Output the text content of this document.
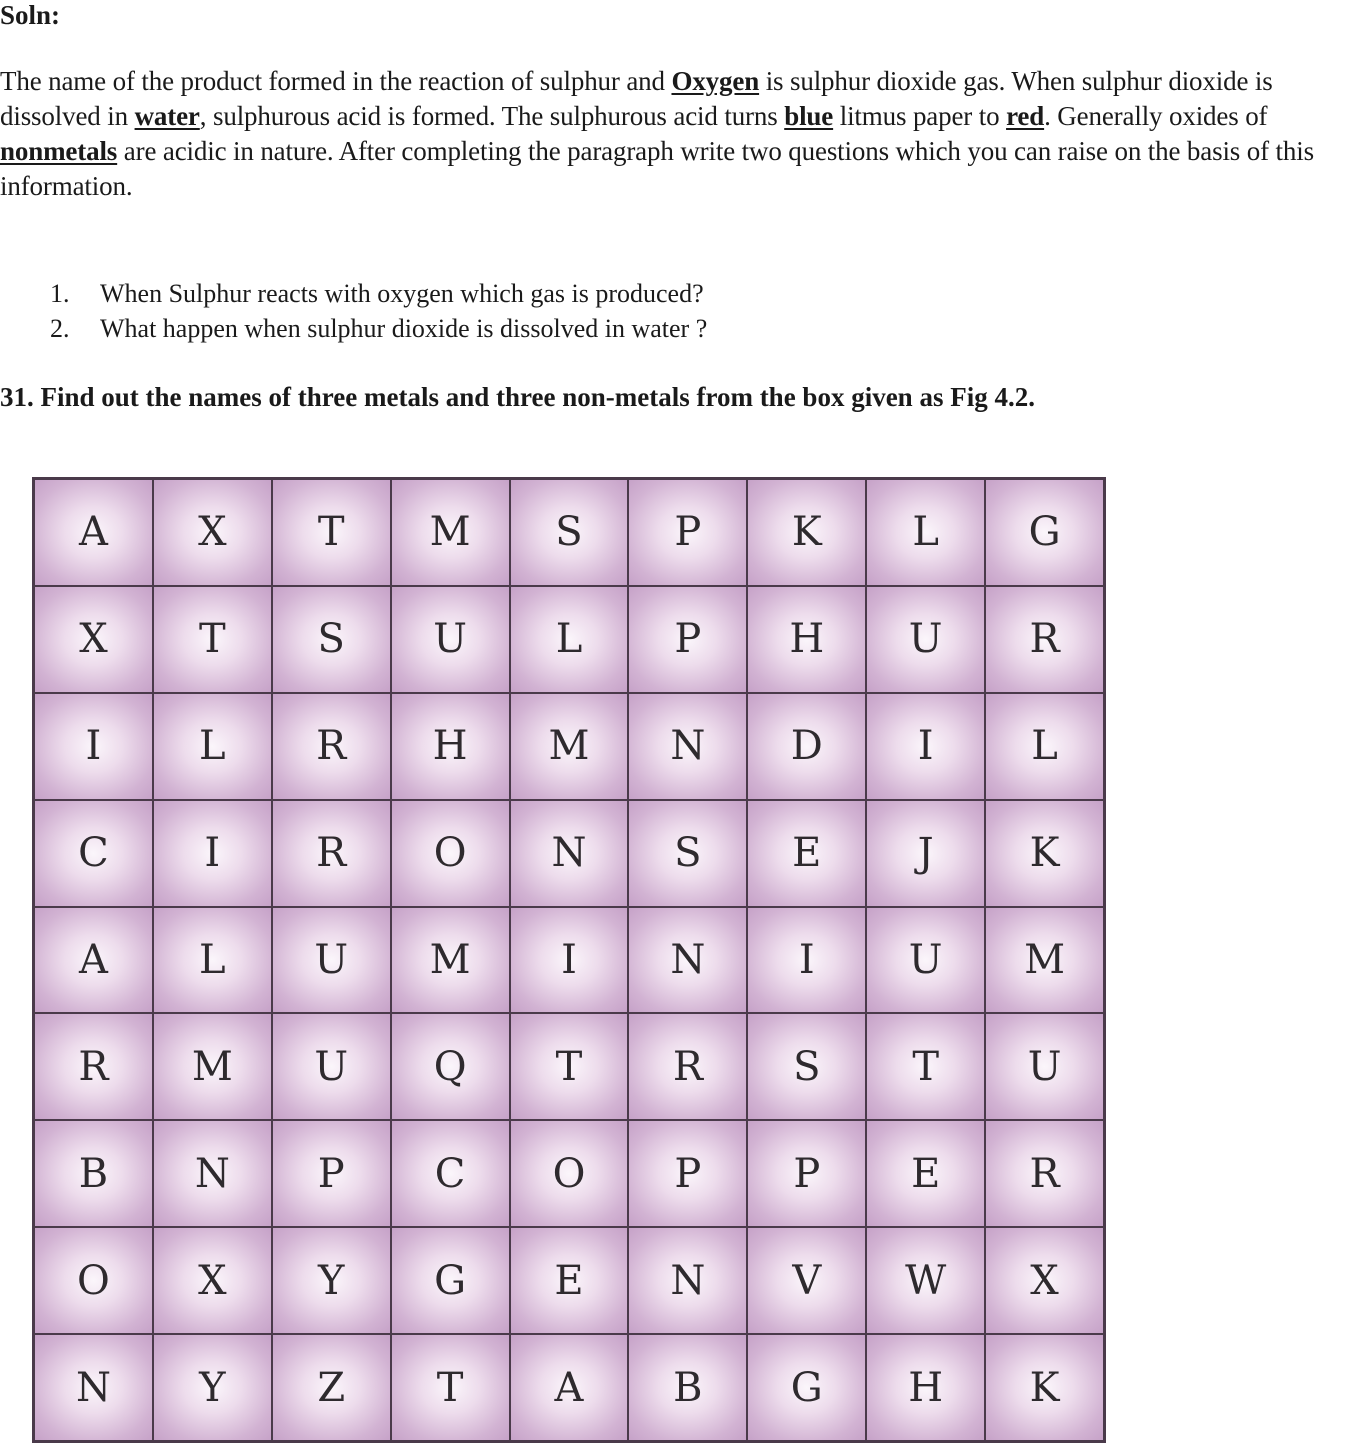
Soln:
The name of the product formed in the reaction of sulphur and Oxygen is sulphur dioxide gas. When sulphur dioxide is dissolved in water, sulphurous acid is formed. The sulphurous acid turns blue litmus paper to red. Generally oxides of nonmetals are acidic in nature. After completing the paragraph write two questions which you can raise on the basis of this information.
1.	When Sulphur reacts with oxygen which gas is produced?
2.	What happen when sulphur dioxide is dissolved in water ?
31. Find out the names of three metals and three non-metals from the box given as Fig 4.2.
A	X	T	M	S	P	K	L	G
X	T	S	U	L	P	H	U	R
I	L	R	H	M	N	D	I	L
C	I	R	O	N	S	E	J	K
A	L	U	M	I	N	I	U	M
R	M	U	Q	T	R	S	T	U
B	N	P	C	O	P	P	E	R
O	X	Y	G	E	N	V	W	X
N	Y	Z	T	A	B	G	H	K
